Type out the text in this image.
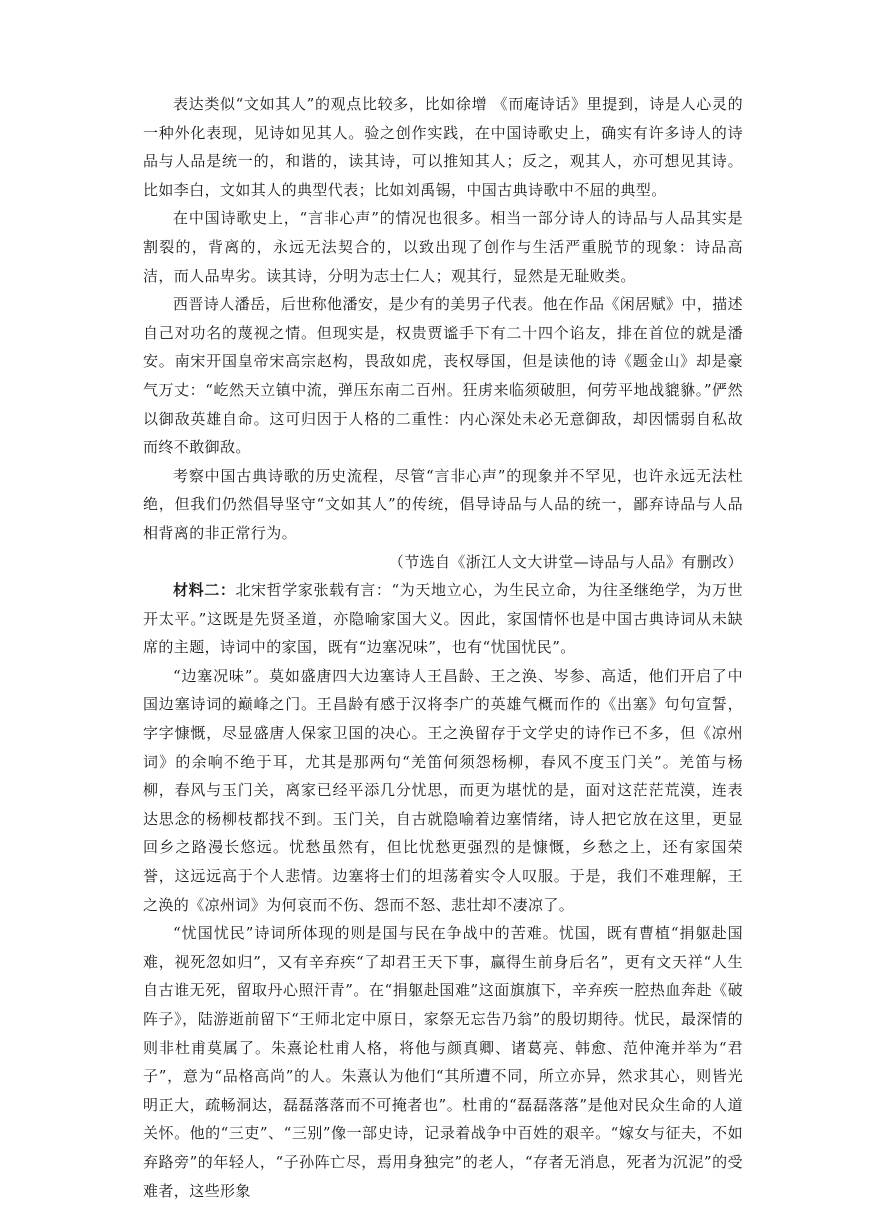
表达类似“文如其人”的观点比较多，比如徐增 《而庵诗话》里提到，诗是人心灵的一种外化表现，见诗如见其人。验之创作实践，在中国诗歌史上，确实有许多诗人的诗品与人品是统一的，和谐的，读其诗，可以推知其人；反之，观其人，亦可想见其诗。比如李白，文如其人的典型代表；比如刘禹锡，中国古典诗歌中不屈的典型。

在中国诗歌史上，“言非心声”的情况也很多。相当一部分诗人的诗品与人品其实是割裂的，背离的，永远无法契合的，以致出现了创作与生活严重脱节的现象：诗品高洁，而人品卑劣。读其诗，分明为志士仁人；观其行，显然是无耻败类。

西晋诗人潘岳，后世称他潘安，是少有的美男子代表。他在作品《闲居赋》中，描述自己对功名的蔑视之情。但现实是，权贵贾谧手下有二十四个谄友，排在首位的就是潘安。南宋开国皇帝宋高宗赵构，畏敌如虎，丧权辱国，但是读他的诗《题金山》却是豪气万丈：“屹然天立镇中流，弹压东南二百州。狂虏来临须破胆，何劳平地战貔貅。”俨然以御敌英雄自命。这可归因于人格的二重性：内心深处未必无意御敌，却因懦弱自私故而终不敢御敌。

考察中国古典诗歌的历史流程，尽管“言非心声”的现象并不罕见，也许永远无法杜绝，但我们仍然倡导坚守“文如其人”的传统，倡导诗品与人品的统一，鄙弃诗品与人品相背离的非正常行为。

（节选自《浙江人文大讲堂—诗品与人品》有删改）

材料二：北宋哲学家张载有言：“为天地立心，为生民立命，为往圣继绝学，为万世开太平。”这既是先贤圣道，亦隐喻家国大义。因此，家国情怀也是中国古典诗词从未缺席的主题，诗词中的家国，既有“边塞况味”，也有“忧国忧民”。

“边塞况味”。莫如盛唐四大边塞诗人王昌龄、王之涣、岑参、高适，他们开启了中国边塞诗词的巅峰之门。王昌龄有感于汉将李广的英雄气概而作的《出塞》句句宣誓，字字慷慨，尽显盛唐人保家卫国的决心。王之涣留存于文学史的诗作已不多，但《凉州词》的余响不绝于耳，尤其是那两句“羌笛何须怨杨柳，春风不度玉门关”。羌笛与杨柳，春风与玉门关，离家已经平添几分忧思，而更为堪忧的是，面对这茫茫荒漠，连表达思念的杨柳枝都找不到。玉门关，自古就隐喻着边塞情绪，诗人把它放在这里，更显回乡之路漫长悠远。忧愁虽然有，但比忧愁更强烈的是慷慨，乡愁之上，还有家国荣誉，这远远高于个人悲情。边塞将士们的坦荡着实令人叹服。于是，我们不难理解，王之涣的《凉州词》为何哀而不伤、怨而不怒、悲壮却不凄凉了。

“忧国忧民”诗词所体现的则是国与民在争战中的苦难。忧国，既有曹植“捐躯赴国难，视死忽如归”，又有辛弃疾“了却君王天下事，赢得生前身后名”，更有文天祥“人生自古谁无死，留取丹心照汗青”。在“捐躯赴国难”这面旗旗下，辛弃疾一腔热血奔赴《破阵子》，陆游逝前留下“王师北定中原日，家祭无忘告乃翁”的殷切期待。忧民，最深情的则非杜甫莫属了。朱熹论杜甫人格，将他与颜真卿、诸葛亮、韩愈、范仲淹并举为“君子”，意为“品格高尚”的人。朱熹认为他们“其所遭不同，所立亦异，然求其心，则皆光明正大，疏畅洞达，磊磊落落而不可掩者也”。杜甫的“磊磊落落”是他对民众生命的人道关怀。他的“三吏”、“三别”像一部史诗，记录着战争中百姓的艰辛。“嫁女与征夫，不如弃路旁”的年轻人，“子孙阵亡尽，焉用身独完”的老人，“存者无消息，死者为沉泥”的受难者，这些形象
